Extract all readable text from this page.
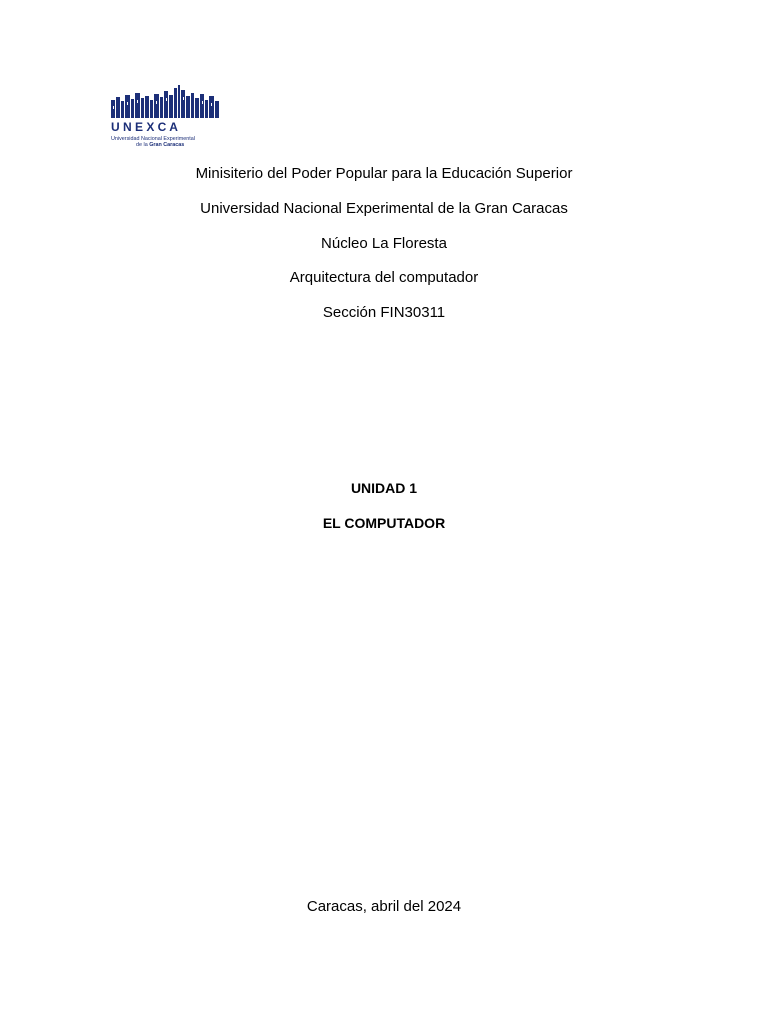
U N E X C A
Universidad Nacional Experimental
de la Gran Caracas
Minisiterio del Poder Popular para la Educación Superior
Universidad Nacional Experimental de la Gran Caracas
Núcleo La Floresta
Arquitectura del computador
Sección FIN30311
UNIDAD 1
EL COMPUTADOR
Caracas, abril del 2024
